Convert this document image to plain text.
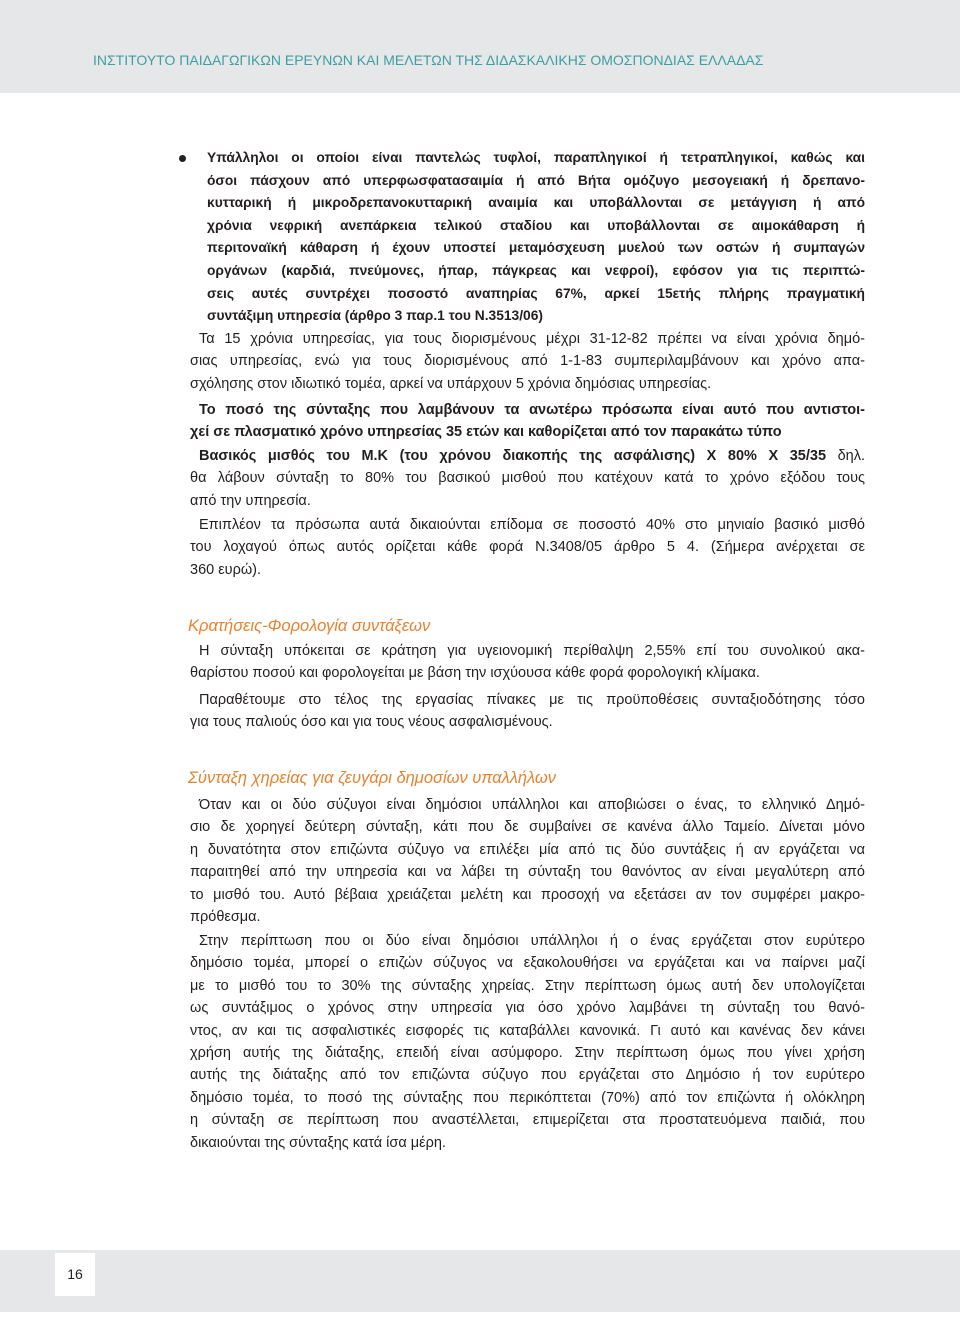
ΙΝΣΤΙΤΟΥΤΟ ΠΑΙΔΑΓΩΓΙΚΩΝ ΕΡΕΥΝΩΝ ΚΑΙ ΜΕΛΕΤΩΝ ΤΗΣ ΔΙΔΑΣΚΑΛΙΚΗΣ ΟΜΟΣΠΟΝΔΙΑΣ ΕΛΛΑΔΑΣ
Υπάλληλοι οι οποίοι είναι παντελώς τυφλοί, παραπληγικοί ή τετραπληγικοί, καθώς και
όσοι πάσχουν από υπερφωσφατασαιμία ή από Βήτα ομόζυγο μεσογειακή ή δρεπανο-
κυτταρική ή μικροδρεπανοκυτταρική αναιμία και υποβάλλονται σε μετάγγιση ή από
χρόνια νεφρική ανεπάρκεια τελικού σταδίου και υποβάλλονται σε αιμοκάθαρση ή
περιτοναϊκή κάθαρση ή έχουν υποστεί μεταμόσχευση μυελού των οστών ή συμπαγών
οργάνων (καρδιά, πνεύμονες, ήπαρ, πάγκρεας και νεφροί), εφόσον για τις περιπτώ-
σεις αυτές συντρέχει ποσοστό αναπηρίας 67%, αρκεί 15ετής πλήρης πραγματική
συντάξιμη υπηρεσία (άρθρο 3 παρ.1 του Ν.3513/06)
Τα 15 χρόνια υπηρεσίας, για τους διορισμένους μέχρι 31-12-82 πρέπει να είναι χρόνια δημό-
σιας υπηρεσίας, ενώ για τους διορισμένους από 1-1-83 συμπεριλαμβάνουν και χρόνο απα-
σχόλησης στον ιδιωτικό τομέα, αρκεί να υπάρχουν 5 χρόνια δημόσιας υπηρεσίας.
Το ποσό της σύνταξης που λαμβάνουν τα ανωτέρω πρόσωπα είναι αυτό που αντιστοι-
χεί σε πλασματικό χρόνο υπηρεσίας 35 ετών και καθορίζεται από τον παρακάτω τύπο
Βασικός μισθός του Μ.Κ (του χρόνου διακοπής της ασφάλισης) Χ 80% Χ 35/35 δηλ.
θα λάβουν σύνταξη το 80% του βασικού μισθού που κατέχουν κατά το χρόνο εξόδου τους
από την υπηρεσία.
Επιπλέον τα πρόσωπα αυτά δικαιούνται επίδομα σε ποσοστό 40% στο μηνιαίο βασικό μισθό
του λοχαγού όπως αυτός ορίζεται κάθε φορά Ν.3408/05 άρθρο 5 4. (Σήμερα ανέρχεται σε
360 ευρώ).
Κρατήσεις-Φορολογία συντάξεων
Η σύνταξη υπόκειται σε κράτηση για υγειονομική περίθαλψη 2,55% επί του συνολικού ακα-
θαρίστου ποσού και φορολογείται με βάση την ισχύουσα κάθε φορά φορολογική κλίμακα.
Παραθέτουμε στο τέλος της εργασίας πίνακες με τις προϋποθέσεις συνταξιοδότησης τόσο
για τους παλιούς όσο και για τους νέους ασφαλισμένους.
Σύνταξη χηρείας για ζευγάρι δημοσίων υπαλλήλων
Όταν και οι δύο σύζυγοι είναι δημόσιοι υπάλληλοι και αποβιώσει ο ένας, το ελληνικό Δημό-
σιο δε χορηγεί δεύτερη σύνταξη, κάτι που δε συμβαίνει σε κανένα άλλο Ταμείο. Δίνεται μόνο
η δυνατότητα στον επιζώντα σύζυγο να επιλέξει μία από τις δύο συντάξεις ή αν εργάζεται να
παραιτηθεί από την υπηρεσία και να λάβει τη σύνταξη του θανόντος αν είναι μεγαλύτερη από
το μισθό του. Αυτό βέβαια χρειάζεται μελέτη και προσοχή να εξετάσει αν τον συμφέρει μακρο-
πρόθεσμα.
Στην περίπτωση που οι δύο είναι δημόσιοι υπάλληλοι ή ο ένας εργάζεται στον ευρύτερο
δημόσιο τομέα, μπορεί ο επιζών σύζυγος να εξακολουθήσει να εργάζεται και να παίρνει μαζί
με το μισθό του το 30% της σύνταξης χηρείας. Στην περίπτωση όμως αυτή δεν υπολογίζεται
ως συντάξιμος ο χρόνος στην υπηρεσία για όσο χρόνο λαμβάνει τη σύνταξη του θανό-
ντος, αν και τις ασφαλιστικές εισφορές τις καταβάλλει κανονικά. Γι αυτό και κανένας δεν κάνει
χρήση αυτής της διάταξης, επειδή είναι ασύμφορο. Στην περίπτωση όμως που γίνει χρήση
αυτής της διάταξης από τον επιζώντα σύζυγο που εργάζεται στο Δημόσιο ή τον ευρύτερο
δημόσιο τομέα, το ποσό της σύνταξης που περικόπτεται (70%) από τον επιζώντα ή ολόκληρη
η σύνταξη σε περίπτωση που αναστέλλεται, επιμερίζεται στα προστατευόμενα παιδιά, που
δικαιούνται της σύνταξης κατά ίσα μέρη.
16
